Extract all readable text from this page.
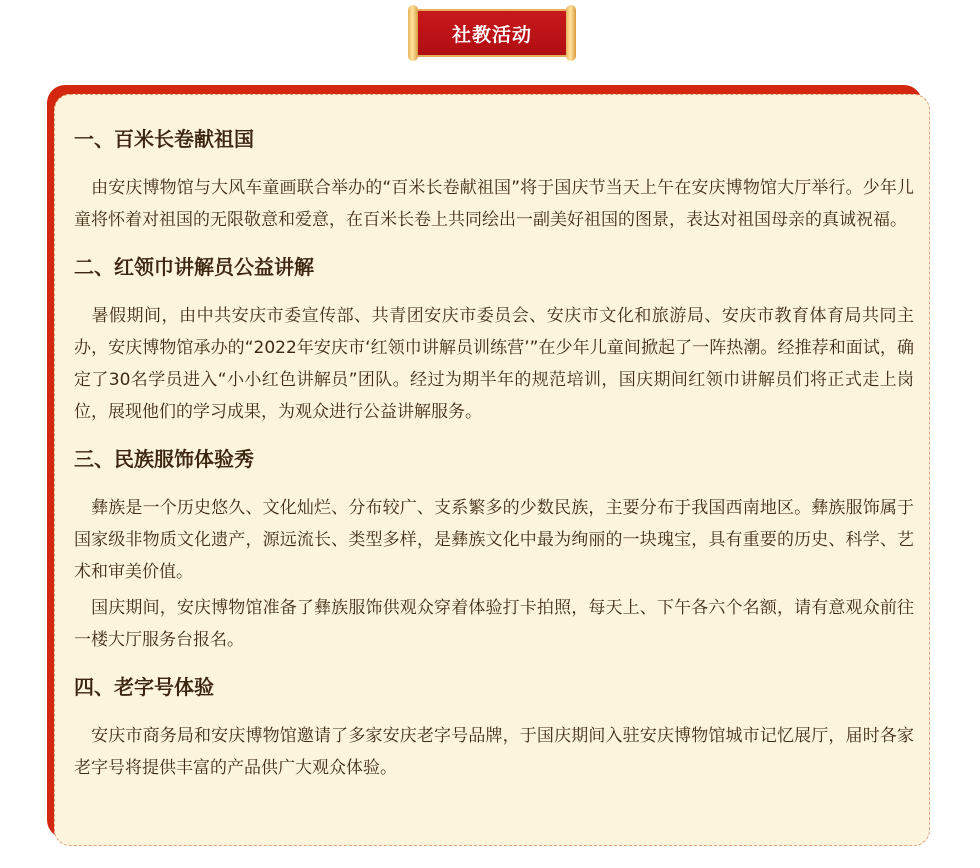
社教活动
一、百米长卷献祖国

　由安庆博物馆与大风车童画联合举办的“百米长卷献祖国”将于国庆节当天上午在安庆博物馆大厅举行。少年儿童将怀着对祖国的无限敬意和爱意，在百米长卷上共同绘出一副美好祖国的图景，表达对祖国母亲的真诚祝福。

二、红领巾讲解员公益讲解

　暑假期间，由中共安庆市委宣传部、共青团安庆市委员会、安庆市文化和旅游局、安庆市教育体育局共同主办，安庆博物馆承办的“2022年安庆市‘红领巾讲解员训练营’”在少年儿童间掀起了一阵热潮。经推荐和面试，确定了30名学员进入“小小红色讲解员”团队。经过为期半年的规范培训，国庆期间红领巾讲解员们将正式走上岗位，展现他们的学习成果，为观众进行公益讲解服务。

三、民族服饰体验秀

　彝族是一个历史悠久、文化灿烂、分布较广、支系繁多的少数民族，主要分布于我国西南地区。彝族服饰属于国家级非物质文化遗产，源远流长、类型多样，是彝族文化中最为绚丽的一块瑰宝，具有重要的历史、科学、艺术和审美价值。

　国庆期间，安庆博物馆准备了彝族服饰供观众穿着体验打卡拍照，每天上、下午各六个名额，请有意观众前往一楼大厅服务台报名。

四、老字号体验

　安庆市商务局和安庆博物馆邀请了多家安庆老字号品牌，于国庆期间入驻安庆博物馆城市记忆展厅，届时各家老字号将提供丰富的产品供广大观众体验。
